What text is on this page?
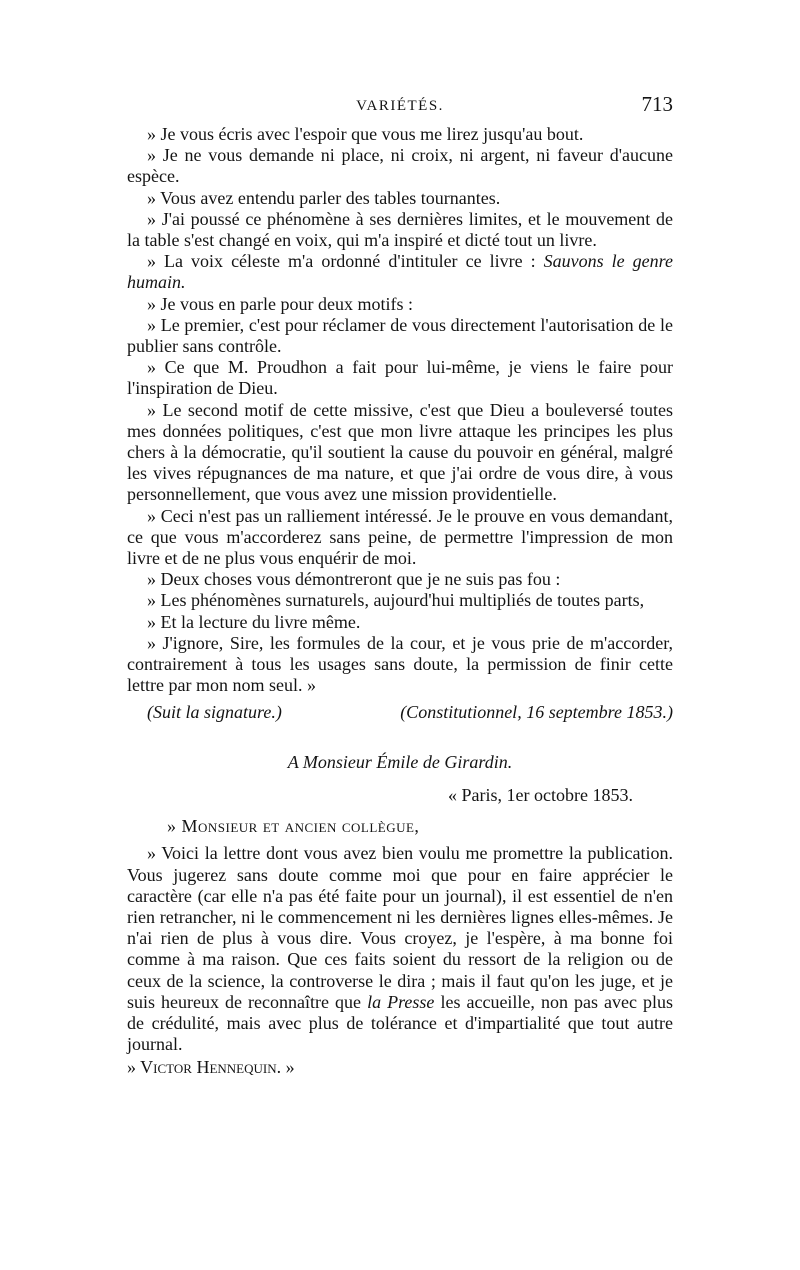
VARIÉTÉS.	713

» Je vous écris avec l'espoir que vous me lirez jusqu'au bout.

» Je ne vous demande ni place, ni croix, ni argent, ni faveur d'aucune espèce.

» Vous avez entendu parler des tables tournantes.

» J'ai poussé ce phénomène à ses dernières limites, et le mouvement de la table s'est changé en voix, qui m'a inspiré et dicté tout un livre.

» La voix céleste m'a ordonné d'intituler ce livre : Sauvons le genre humain.

» Je vous en parle pour deux motifs :

» Le premier, c'est pour réclamer de vous directement l'autorisation de le publier sans contrôle.

» Ce que M. Proudhon a fait pour lui-même, je viens le faire pour l'inspiration de Dieu.

» Le second motif de cette missive, c'est que Dieu a bouleversé toutes mes données politiques, c'est que mon livre attaque les principes les plus chers à la démocratie, qu'il soutient la cause du pouvoir en général, malgré les vives répugnances de ma nature, et que j'ai ordre de vous dire, à vous personnellement, que vous avez une mission providentielle.

» Ceci n'est pas un ralliement intéressé. Je le prouve en vous demandant, ce que vous m'accorderez sans peine, de permettre l'impression de mon livre et de ne plus vous enquérir de moi.

» Deux choses vous démontreront que je ne suis pas fou :

» Les phénomènes surnaturels, aujourd'hui multipliés de toutes parts,

» Et la lecture du livre même.

» J'ignore, Sire, les formules de la cour, et je vous prie de m'accorder, contrairement à tous les usages sans doute, la permission de finir cette lettre par mon nom seul. »

(Suit la signature.)	(Constitutionnel, 16 septembre 1853.)

A Monsieur Émile de Girardin.

« Paris, 1er octobre 1853.

» Monsieur et ancien collègue,

» Voici la lettre dont vous avez bien voulu me promettre la publication. Vous jugerez sans doute comme moi que pour en faire apprécier le caractère (car elle n'a pas été faite pour un journal), il est essentiel de n'en rien retrancher, ni le commencement ni les dernières lignes elles-mêmes. Je n'ai rien de plus à vous dire. Vous croyez, je l'espère, à ma bonne foi comme à ma raison. Que ces faits soient du ressort de la religion ou de ceux de la science, la controverse le dira ; mais il faut qu'on les juge, et je suis heureux de reconnaître que la Presse les accueille, non pas avec plus de crédulité, mais avec plus de tolérance et d'impartialité que tout autre journal.

» Victor Hennequin. »
